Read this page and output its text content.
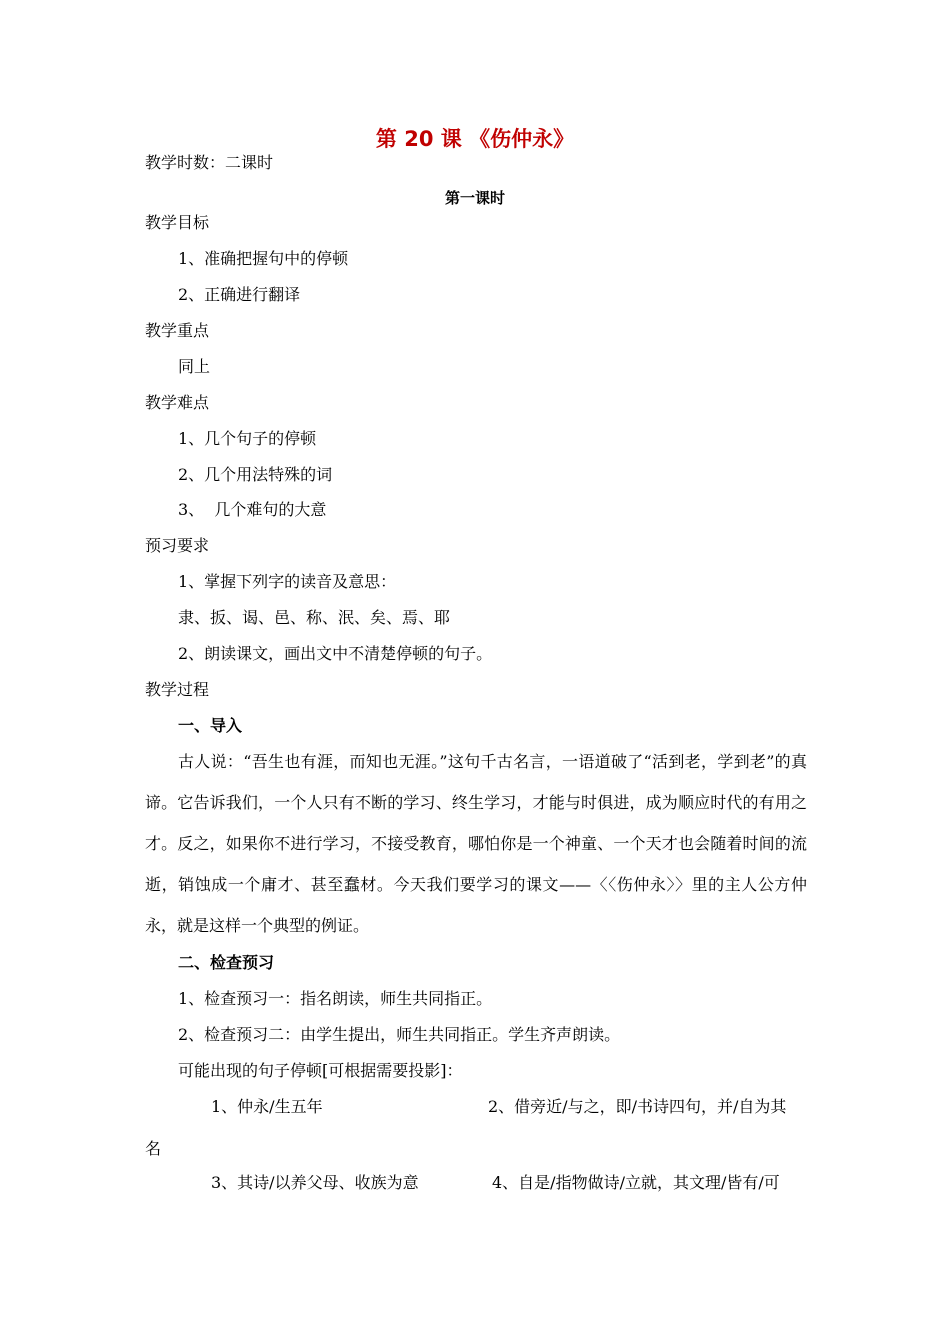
第 20 课 《伤仲永》
教学时数：二课时
第一课时
教学目标
1、准确把握句中的停顿
2、正确进行翻译
教学重点
同上
教学难点
1、几个句子的停顿
2、几个用法特殊的词
3、  几个难句的大意
预习要求
1、掌握下列字的读音及意思：
隶、扳、谒、邑、称、泯、矣、焉、耶
2、朗读课文，画出文中不清楚停顿的句子。
教学过程
一、导入
古人说：“吾生也有涯，而知也无涯。”这句千古名言，一语道破了“活到老，学到老”的真谛。它告诉我们，一个人只有不断的学习、终生学习，才能与时俱进，成为顺应时代的有用之才。反之，如果你不进行学习，不接受教育，哪怕你是一个神童、一个天才也会随着时间的流逝，销蚀成一个庸才、甚至蠢材。今天我们要学习的课文——〈〈伤仲永〉〉里的主人公方仲永，就是这样一个典型的例证。
二、检查预习
1、检查预习一：指名朗读，师生共同指正。
2、检查预习二：由学生提出，师生共同指正。学生齐声朗读。
可能出现的句子停顿[可根据需要投影]：
1、仲永/生五年	2、借旁近/与之，即/书诗四句，并/自为其
名
3、其诗/以养父母、收族为意	4、自是/指物做诗/立就，其文理/皆有/可
